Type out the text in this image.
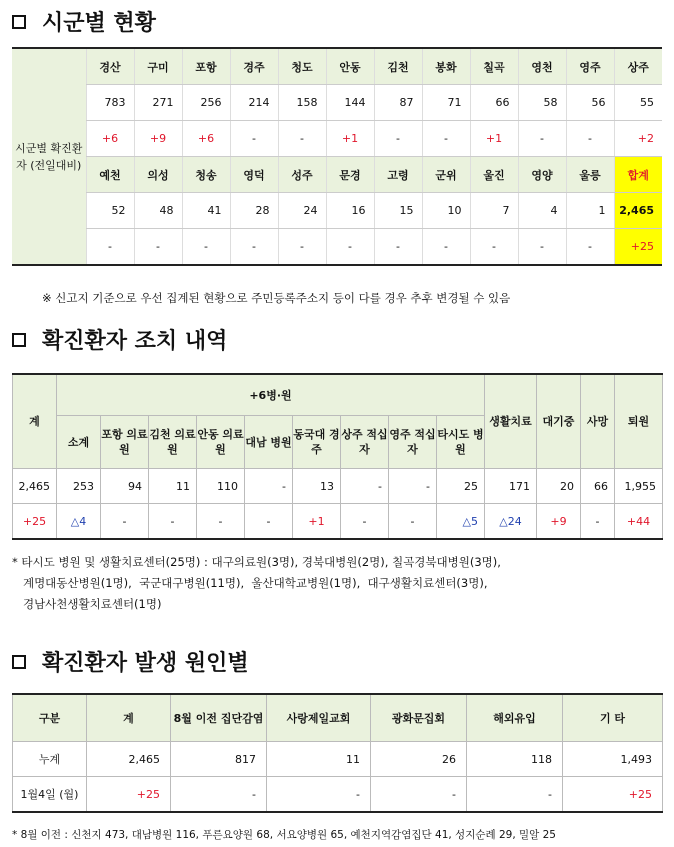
시군별 현황
시군별 확진환자 (전일대비)	경산	구미	포항	경주	청도	안동	김천	봉화	칠곡	영천	영주	상주
	783	271	256	214	158	144	87	71	66	58	56	55
	+6	+9	+6	-	-	+1	-	-	+1	-	-	+2
	예천	의성	청송	영덕	성주	문경	고령	군위	울진	영양	울릉	합계
	52	48	41	28	24	16	15	10	7	4	1	2,465
	-	-	-	-	-	-	-	-	-	-	-	+25
※ 신고지 기준으로 우선 집계된 현황으로 주민등록주소지 등이 다를 경우 추후 변경될 수 있음
확진환자 조치 내역
계	+6병·원									생활치료	대기중	사망	퇴원
	소계	포항 의료원	김천 의료원	안동 의료원	대남 병원	동국대 경주	상주 적십자	영주 적십자	타시도 병원				
2,465	253	94	11	110	-	13	-	-	25	171	20	66	1,955
+25	△4	-	-	-	-	+1	-	-	△5	△24	+9	-	+44
* 타시도 병원 및 생활치료센터(25명) : 대구의료원(3명), 경북대병원(2명), 칠곡경북대병원(3명),
계명대동산병원(1명),  국군대구병원(11명),  울산대학교병원(1명),  대구생활치료센터(3명),
경남사천생활치료센터(1명)
확진환자 발생 원인별
구분	계	8월 이전 집단감염	사랑제일교회	광화문집회	해외유입	기 타
누계	2,465	817	11	26	118	1,493
1월4일 (월)	+25	-	-	-	-	+25
* 8월 이전 : 신천지 473, 대남병원 116, 푸른요양원 68, 서요양병원 65, 예천지역감염집단 41, 성지순례 29, 밀알 25
